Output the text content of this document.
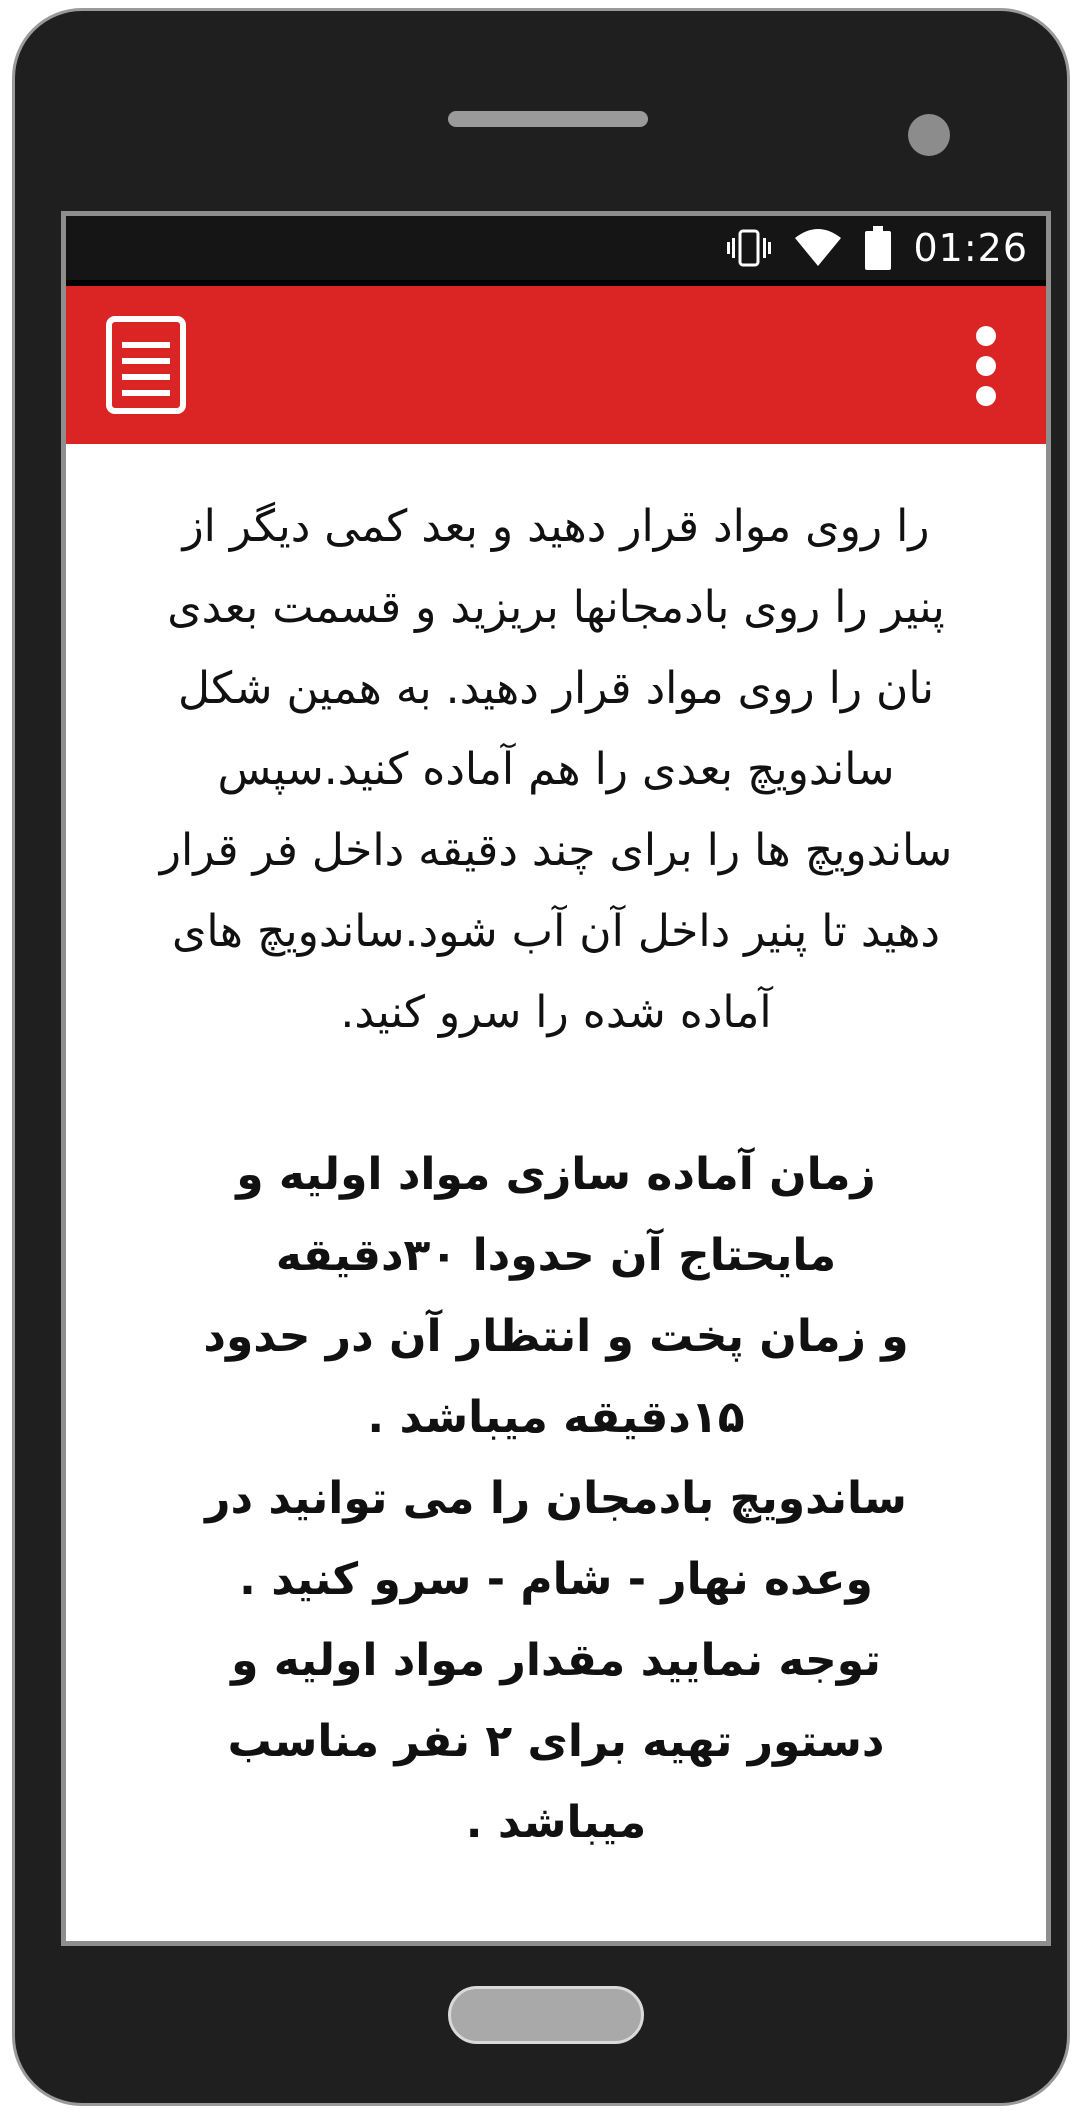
01:26

را روی مواد قرار دهید و بعد کمی دیگر از پنیر را روی بادمجانها بریزید و قسمت بعدی نان را روی مواد قرار دهید. به همین شکل ساندویچ بعدی را هم آماده کنید.سپس ساندویچ ها را برای چند دقیقه داخل فر قرار دهید تا پنیر داخل آن آب شود.ساندویچ های آماده شده را سرو کنید.

زمان آماده سازی مواد اولیه و مایحتاج آن حدودا ۳۰دقیقه

و زمان پخت و انتظار آن در حدود ۱۵دقیقه میباشد .

ساندویچ بادمجان را می توانید در وعده نهار - شام - سرو کنید .

توجه نمایید مقدار مواد اولیه و دستور تهیه برای ۲ نفر مناسب میباشد .
